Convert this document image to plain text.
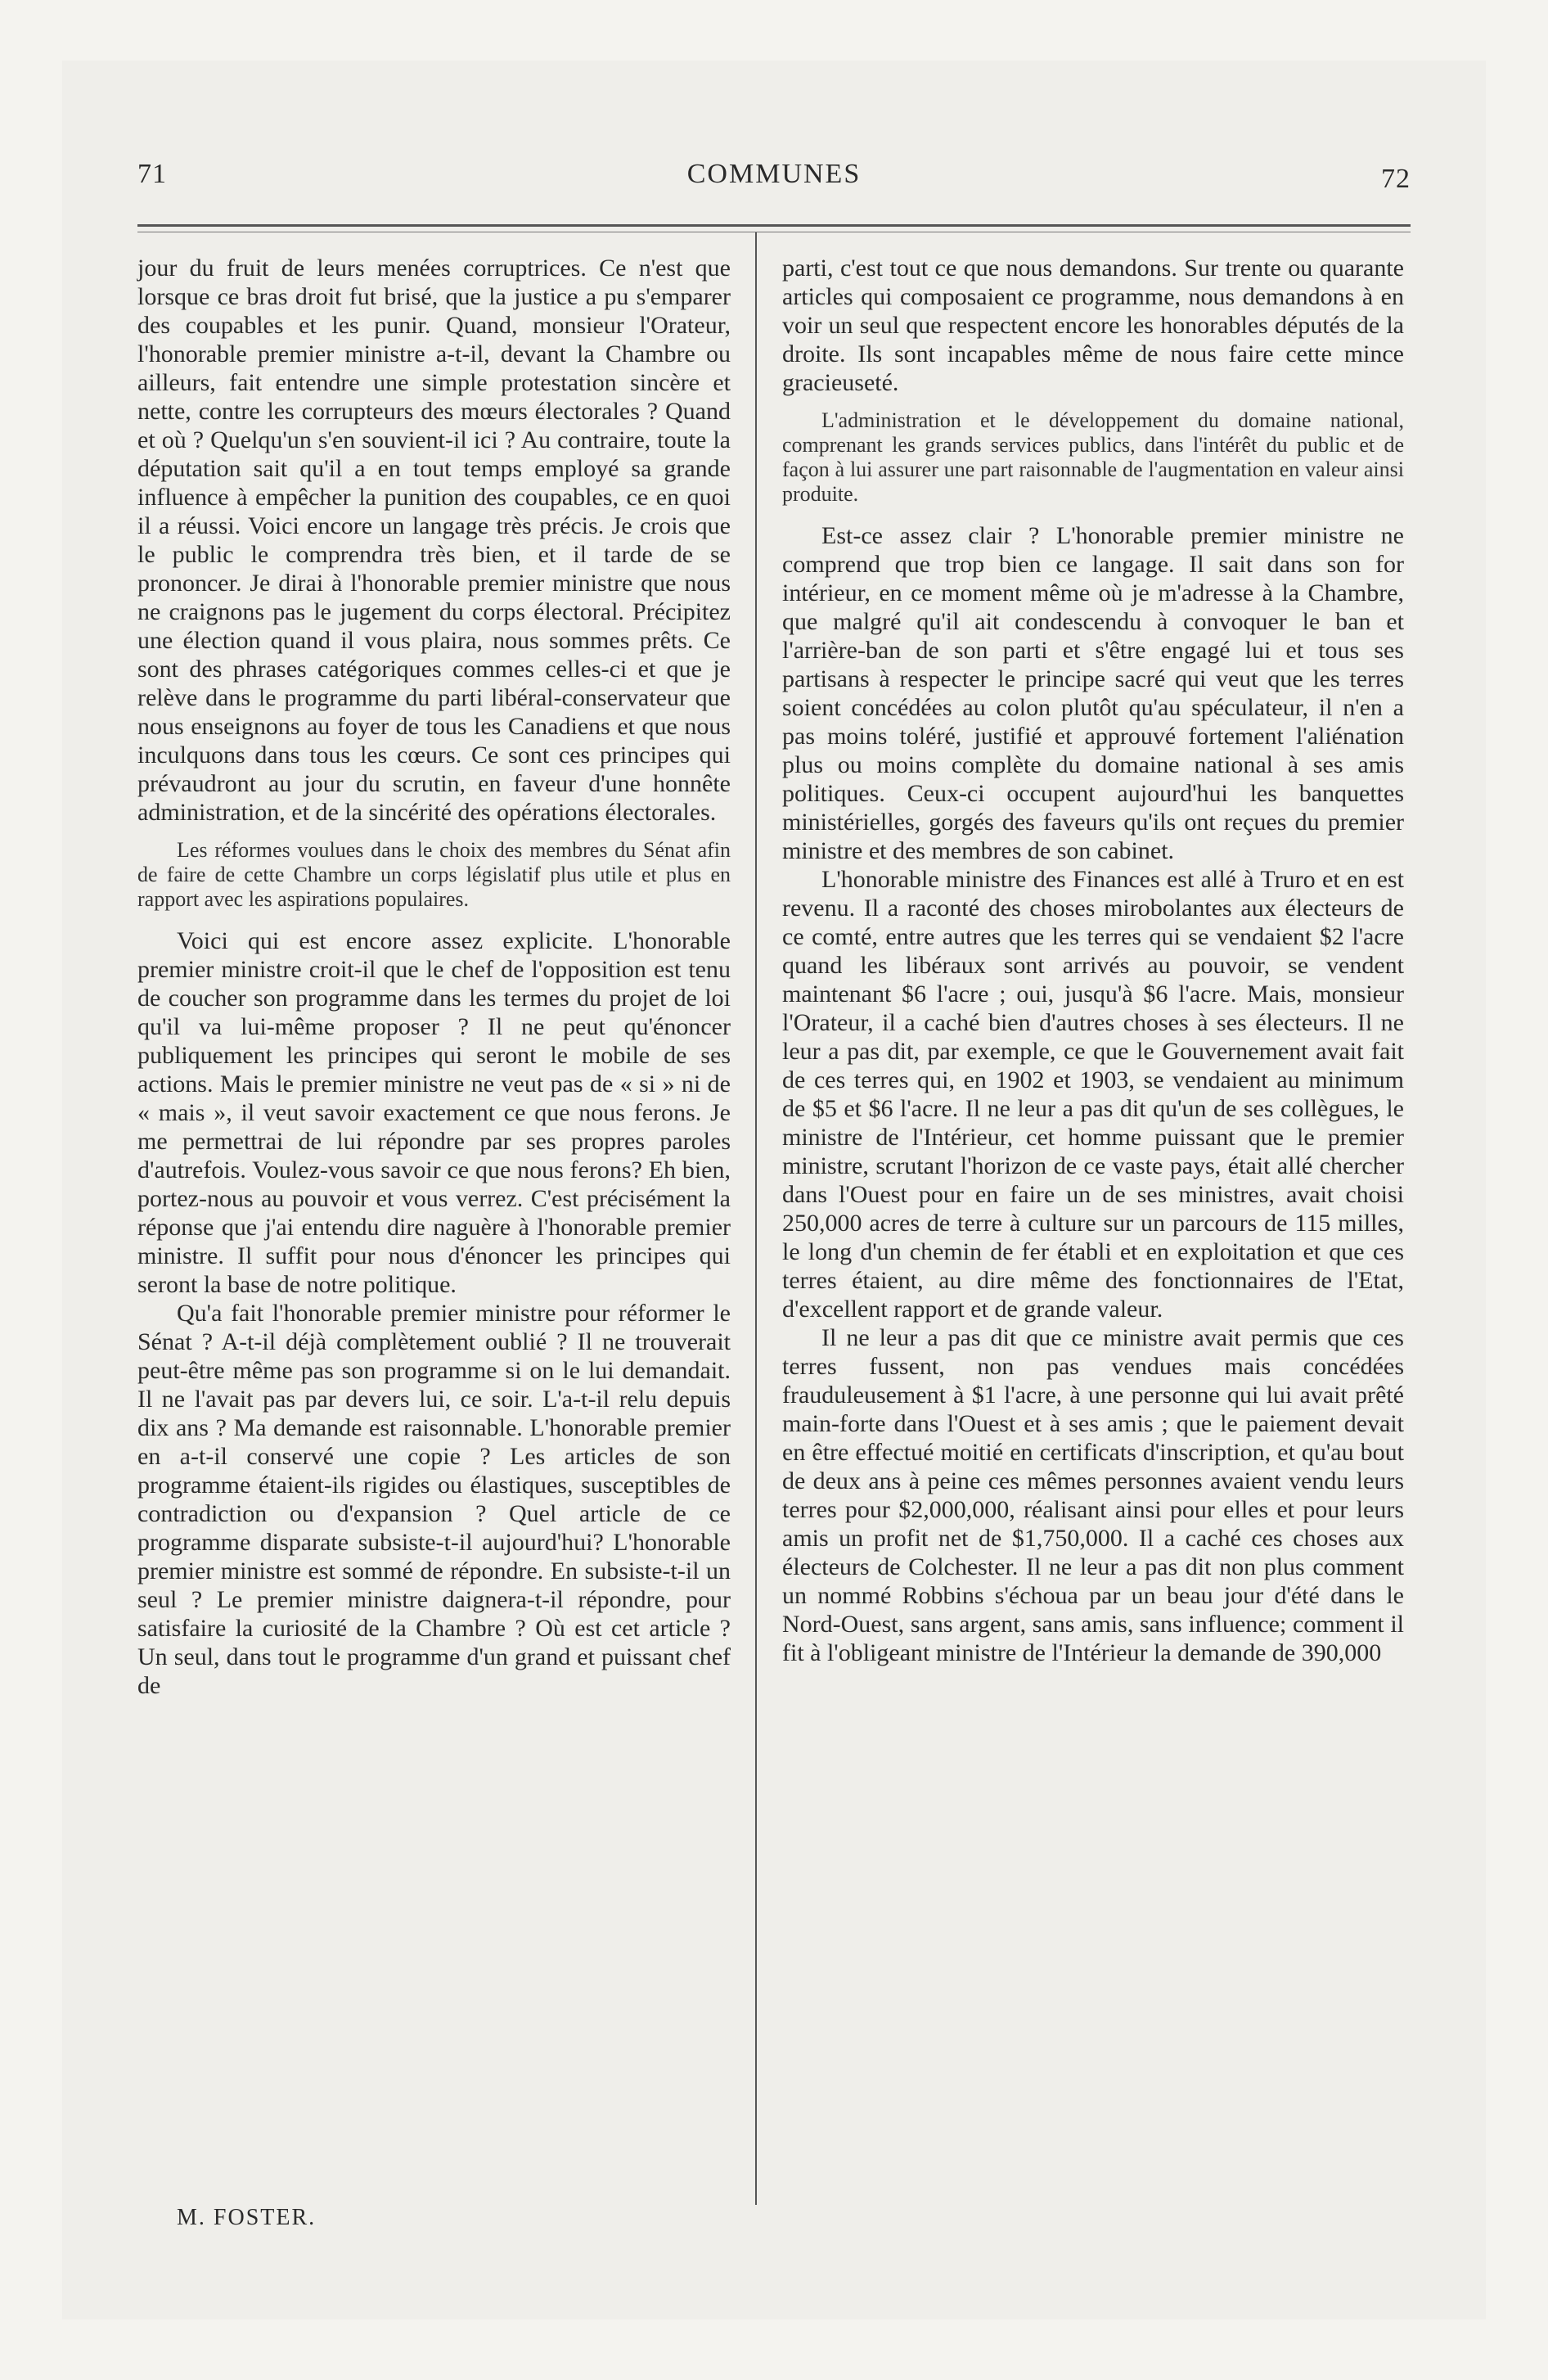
71	COMMUNES	72

jour du fruit de leurs menées corruptrices. Ce n'est que lorsque ce bras droit fut brisé, que la justice a pu s'emparer des coupables et les punir. Quand, monsieur l'Orateur, l'honorable premier ministre a-t-il, devant la Chambre ou ailleurs, fait entendre une simple protestation sincère et nette, contre les corrupteurs des mœurs électorales ? Quand et où ? Quelqu'un s'en souvient-il ici ? Au contraire, toute la députation sait qu'il a en tout temps employé sa grande influence à empêcher la punition des coupables, ce en quoi il a réussi. Voici encore un langage très précis. Je crois que le public le comprendra très bien, et il tarde de se prononcer. Je dirai à l'honorable premier ministre que nous ne craignons pas le jugement du corps électoral. Précipitez une élection quand il vous plaira, nous sommes prêts. Ce sont des phrases catégoriques commes celles-ci et que je relève dans le programme du parti libéral-conservateur que nous enseignons au foyer de tous les Canadiens et que nous inculquons dans tous les cœurs. Ce sont ces principes qui prévaudront au jour du scrutin, en faveur d'une honnête administration, et de la sincérité des opérations électorales.

Les réformes voulues dans le choix des membres du Sénat afin de faire de cette Chambre un corps législatif plus utile et plus en rapport avec les aspirations populaires.

Voici qui est encore assez explicite. L'honorable premier ministre croit-il que le chef de l'opposition est tenu de coucher son programme dans les termes du projet de loi qu'il va lui-même proposer ? Il ne peut qu'énoncer publiquement les principes qui seront le mobile de ses actions. Mais le premier ministre ne veut pas de « si » ni de « mais », il veut savoir exactement ce que nous ferons. Je me permettrai de lui répondre par ses propres paroles d'autrefois. Voulez-vous savoir ce que nous ferons? Eh bien, portez-nous au pouvoir et vous verrez. C'est précisément la réponse que j'ai entendu dire naguère à l'honorable premier ministre. Il suffit pour nous d'énoncer les principes qui seront la base de notre politique.

Qu'a fait l'honorable premier ministre pour réformer le Sénat ? A-t-il déjà complètement oublié ? Il ne trouverait peut-être même pas son programme si on le lui demandait. Il ne l'avait pas par devers lui, ce soir. L'a-t-il relu depuis dix ans ? Ma demande est raisonnable. L'honorable premier en a-t-il conservé une copie ? Les articles de son programme étaient-ils rigides ou élastiques, susceptibles de contradiction ou d'expansion ? Quel article de ce programme disparate subsiste-t-il aujourd'hui? L'honorable premier ministre est sommé de répondre. En subsiste-t-il un seul ? Le premier ministre daignera-t-il répondre, pour satisfaire la curiosité de la Chambre ? Où est cet article ? Un seul, dans tout le programme d'un grand et puissant chef de

parti, c'est tout ce que nous demandons. Sur trente ou quarante articles qui composaient ce programme, nous demandons à en voir un seul que respectent encore les honorables députés de la droite. Ils sont incapables même de nous faire cette mince gracieuseté.

L'administration et le développement du domaine national, comprenant les grands services publics, dans l'intérêt du public et de façon à lui assurer une part raisonnable de l'augmentation en valeur ainsi produite.

Est-ce assez clair ? L'honorable premier ministre ne comprend que trop bien ce langage. Il sait dans son for intérieur, en ce moment même où je m'adresse à la Chambre, que malgré qu'il ait condescendu à convoquer le ban et l'arrière-ban de son parti et s'être engagé lui et tous ses partisans à respecter le principe sacré qui veut que les terres soient concédées au colon plutôt qu'au spéculateur, il n'en a pas moins toléré, justifié et approuvé fortement l'aliénation plus ou moins complète du domaine national à ses amis politiques. Ceux-ci occupent aujourd'hui les banquettes ministérielles, gorgés des faveurs qu'ils ont reçues du premier ministre et des membres de son cabinet.

L'honorable ministre des Finances est allé à Truro et en est revenu. Il a raconté des choses mirobolantes aux électeurs de ce comté, entre autres que les terres qui se vendaient $2 l'acre quand les libéraux sont arrivés au pouvoir, se vendent maintenant $6 l'acre ; oui, jusqu'à $6 l'acre. Mais, monsieur l'Orateur, il a caché bien d'autres choses à ses électeurs. Il ne leur a pas dit, par exemple, ce que le Gouvernement avait fait de ces terres qui, en 1902 et 1903, se vendaient au minimum de $5 et $6 l'acre. Il ne leur a pas dit qu'un de ses collègues, le ministre de l'Intérieur, cet homme puissant que le premier ministre, scrutant l'horizon de ce vaste pays, était allé chercher dans l'Ouest pour en faire un de ses ministres, avait choisi 250,000 acres de terre à culture sur un parcours de 115 milles, le long d'un chemin de fer établi et en exploitation et que ces terres étaient, au dire même des fonctionnaires de l'Etat, d'excellent rapport et de grande valeur.

Il ne leur a pas dit que ce ministre avait permis que ces terres fussent, non pas vendues mais concédées frauduleusement à $1 l'acre, à une personne qui lui avait prêté main-forte dans l'Ouest et à ses amis ; que le paiement devait en être effectué moitié en certificats d'inscription, et qu'au bout de deux ans à peine ces mêmes personnes avaient vendu leurs terres pour $2,000,000, réalisant ainsi pour elles et pour leurs amis un profit net de $1,750,000. Il a caché ces choses aux électeurs de Colchester. Il ne leur a pas dit non plus comment un nommé Robbins s'échoua par un beau jour d'été dans le Nord-Ouest, sans argent, sans amis, sans influence; comment il fit à l'obligeant ministre de l'Intérieur la demande de 390,000

M. FOSTER.
